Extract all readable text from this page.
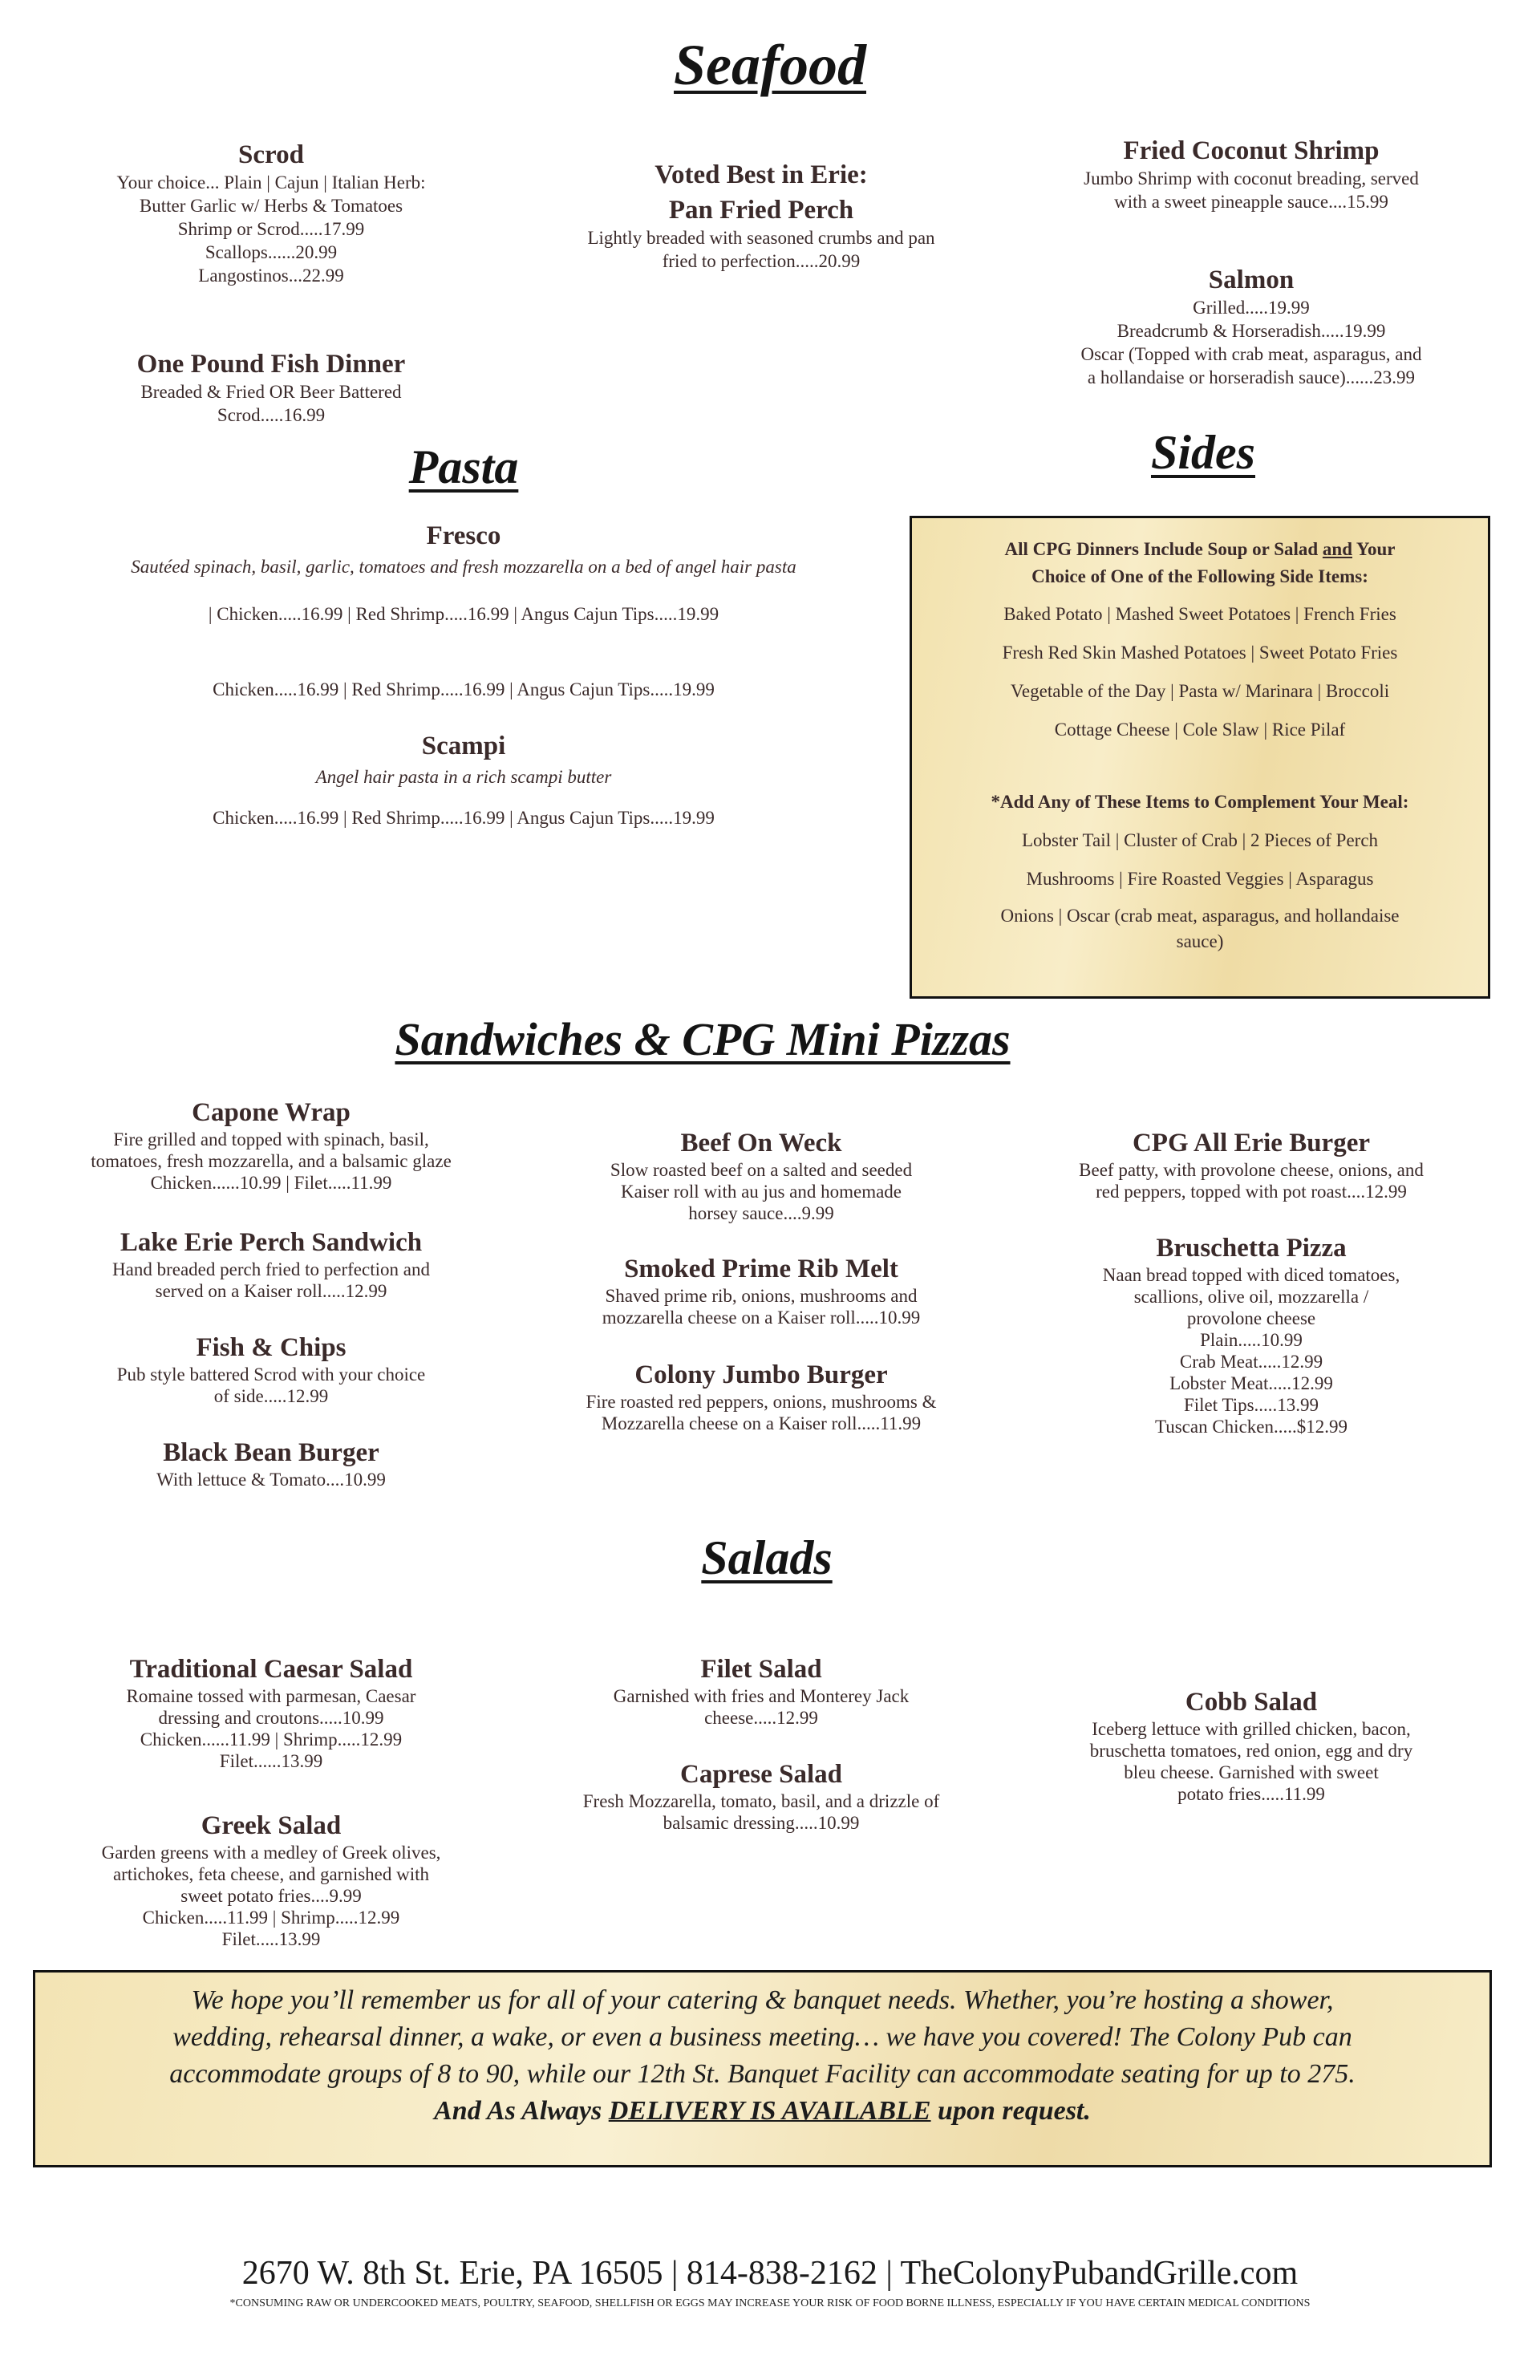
Seafood
Scrod
Your choice... Plain | Cajun | Italian Herb:
Butter Garlic w/ Herbs & Tomatoes
Shrimp or Scrod.....17.99
Scallops......20.99
Langostinos...22.99
Voted Best in Erie:
Pan Fried Perch
Lightly breaded with seasoned crumbs and pan
fried to perfection.....20.99
Fried Coconut Shrimp
Jumbo Shrimp with coconut breading, served
with a sweet pineapple sauce....15.99
Salmon
Grilled.....19.99
Breadcrumb & Horseradish.....19.99
Oscar (Topped with crab meat, asparagus, and
a hollandaise or horseradish sauce)......23.99
One Pound Fish Dinner
Breaded & Fried OR Beer Battered
Scrod.....16.99
Pasta
Fresco
Sautéed spinach, basil, garlic, tomatoes and fresh mozzarella on a bed of angel hair pasta
| Chicken.....16.99 | Red Shrimp.....16.99 | Angus Cajun Tips.....19.99
Chicken.....16.99 | Red Shrimp.....16.99 | Angus Cajun Tips.....19.99
Scampi
Angel hair pasta in a rich scampi butter
Chicken.....16.99 | Red Shrimp.....16.99 | Angus Cajun Tips.....19.99
Sides
All CPG Dinners Include Soup or Salad and Your
Choice of One of the Following Side Items:
Baked Potato | Mashed Sweet Potatoes | French Fries
Fresh Red Skin Mashed Potatoes | Sweet Potato Fries
Vegetable of the Day | Pasta w/ Marinara | Broccoli
Cottage Cheese | Cole Slaw | Rice Pilaf
*Add Any of These Items to Complement Your Meal:
Lobster Tail | Cluster of Crab | 2 Pieces of Perch
Mushrooms | Fire Roasted Veggies | Asparagus
Onions | Oscar (crab meat, asparagus, and hollandaise
sauce)
Sandwiches & CPG Mini Pizzas
Capone Wrap
Fire grilled and topped with spinach, basil,
tomatoes, fresh mozzarella, and a balsamic glaze
Chicken......10.99 | Filet.....11.99
Lake Erie Perch Sandwich
Hand breaded perch fried to perfection and
served on a Kaiser roll.....12.99
Fish & Chips
Pub style battered Scrod with your choice
of side.....12.99
Black Bean Burger
With lettuce & Tomato....10.99
Beef On Weck
Slow roasted beef on a salted and seeded
Kaiser roll with au jus and homemade
horsey sauce....9.99
Smoked Prime Rib Melt
Shaved prime rib, onions, mushrooms and
mozzarella cheese on a Kaiser roll.....10.99
Colony Jumbo Burger
Fire roasted red peppers, onions, mushrooms &
Mozzarella cheese on a Kaiser roll.....11.99
CPG All Erie Burger
Beef patty, with provolone cheese, onions, and
red peppers, topped with pot roast....12.99
Bruschetta Pizza
Naan bread topped with diced tomatoes,
scallions, olive oil, mozzarella /
provolone cheese
Plain.....10.99
Crab Meat.....12.99
Lobster Meat.....12.99
Filet Tips.....13.99
Tuscan Chicken.....$12.99
Salads
Traditional Caesar Salad
Romaine tossed with parmesan, Caesar
dressing and croutons.....10.99
Chicken......11.99 | Shrimp.....12.99
Filet......13.99
Greek Salad
Garden greens with a medley of Greek olives,
artichokes, feta cheese, and garnished with
sweet potato fries....9.99
Chicken.....11.99 | Shrimp.....12.99
Filet.....13.99
Filet Salad
Garnished with fries and Monterey Jack
cheese.....12.99
Caprese Salad
Fresh Mozzarella, tomato, basil, and a drizzle of
balsamic dressing.....10.99
Cobb Salad
Iceberg lettuce with grilled chicken, bacon,
bruschetta tomatoes, red onion, egg and dry
bleu cheese. Garnished with sweet
potato fries.....11.99
We hope you’ll remember us for all of your catering & banquet needs. Whether, you’re hosting a shower,
wedding, rehearsal dinner, a wake, or even a business meeting… we have you covered! The Colony Pub can
accommodate groups of 8 to 90, while our 12th St. Banquet Facility can accommodate seating for up to 275.
And As Always DELIVERY IS AVAILABLE upon request.
2670 W. 8th St. Erie, PA 16505 | 814-838-2162 | TheColonyPubandGrille.com
*CONSUMING RAW OR UNDERCOOKED MEATS, POULTRY, SEAFOOD, SHELLFISH OR EGGS MAY INCREASE YOUR RISK OF FOOD BORNE ILLNESS, ESPECIALLY IF YOU HAVE CERTAIN MEDICAL CONDITIONS
